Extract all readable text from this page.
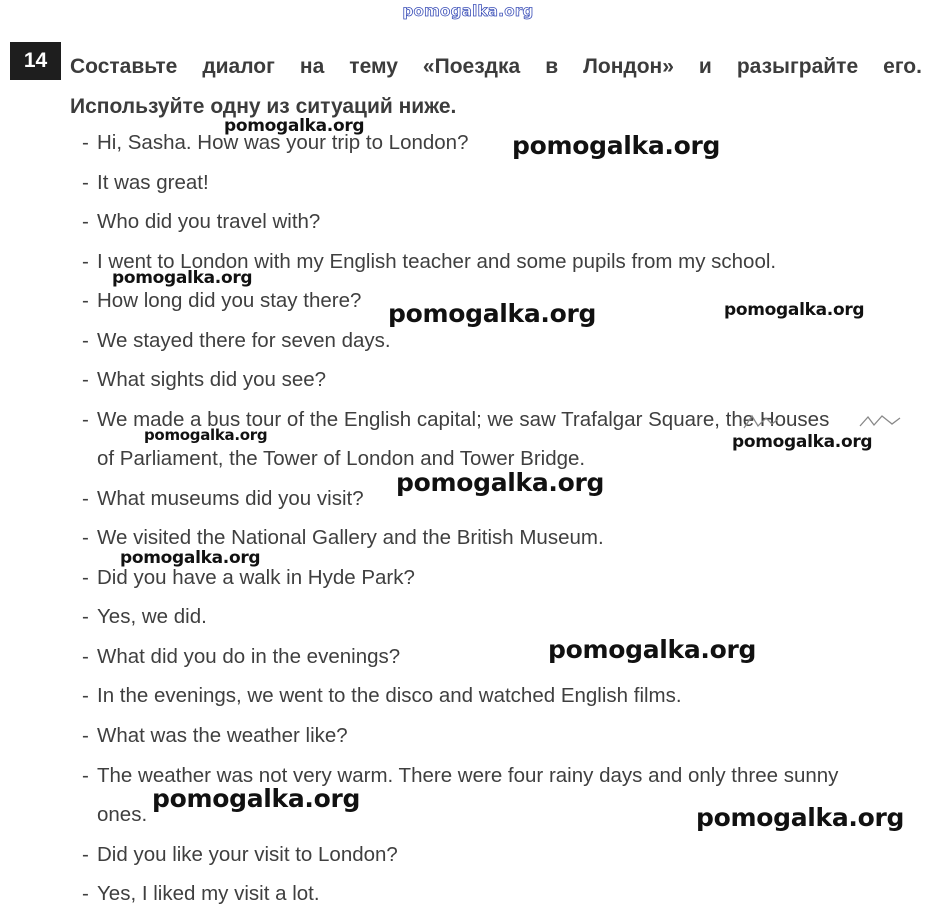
pomogalka.org
14	Составьте диалог на тему «Поездка в Лондон» и разыграйте его.
Используйте одну из ситуаций ниже.
- Hi, Sasha. How was your trip to London?
- It was great!
- Who did you travel with?
- I went to London with my English teacher and some pupils from my school.
- How long did you stay there?
- We stayed there for seven days.
- What sights did you see?
- We made a bus tour of the English capital; we saw Trafalgar Square, the Houses
of Parliament, the Tower of London and Tower Bridge.
- What museums did you visit?
- We visited the National Gallery and the British Museum.
- Did you have a walk in Hyde Park?
- Yes, we did.
- What did you do in the evenings?
- In the evenings, we went to the disco and watched English films.
- What was the weather like?
- The weather was not very warm. There were four rainy days and only three sunny
ones.
- Did you like your visit to London?
- Yes, I liked my visit a lot.
pomogalka.org
pomogalka.org
pomogalka.org
pomogalka.org	pomogalka.org
pomogalka.org	pomogalka.org
pomogalka.org
pomogalka.org
pomogalka.org
pomogalka.org
pomogalka.org
